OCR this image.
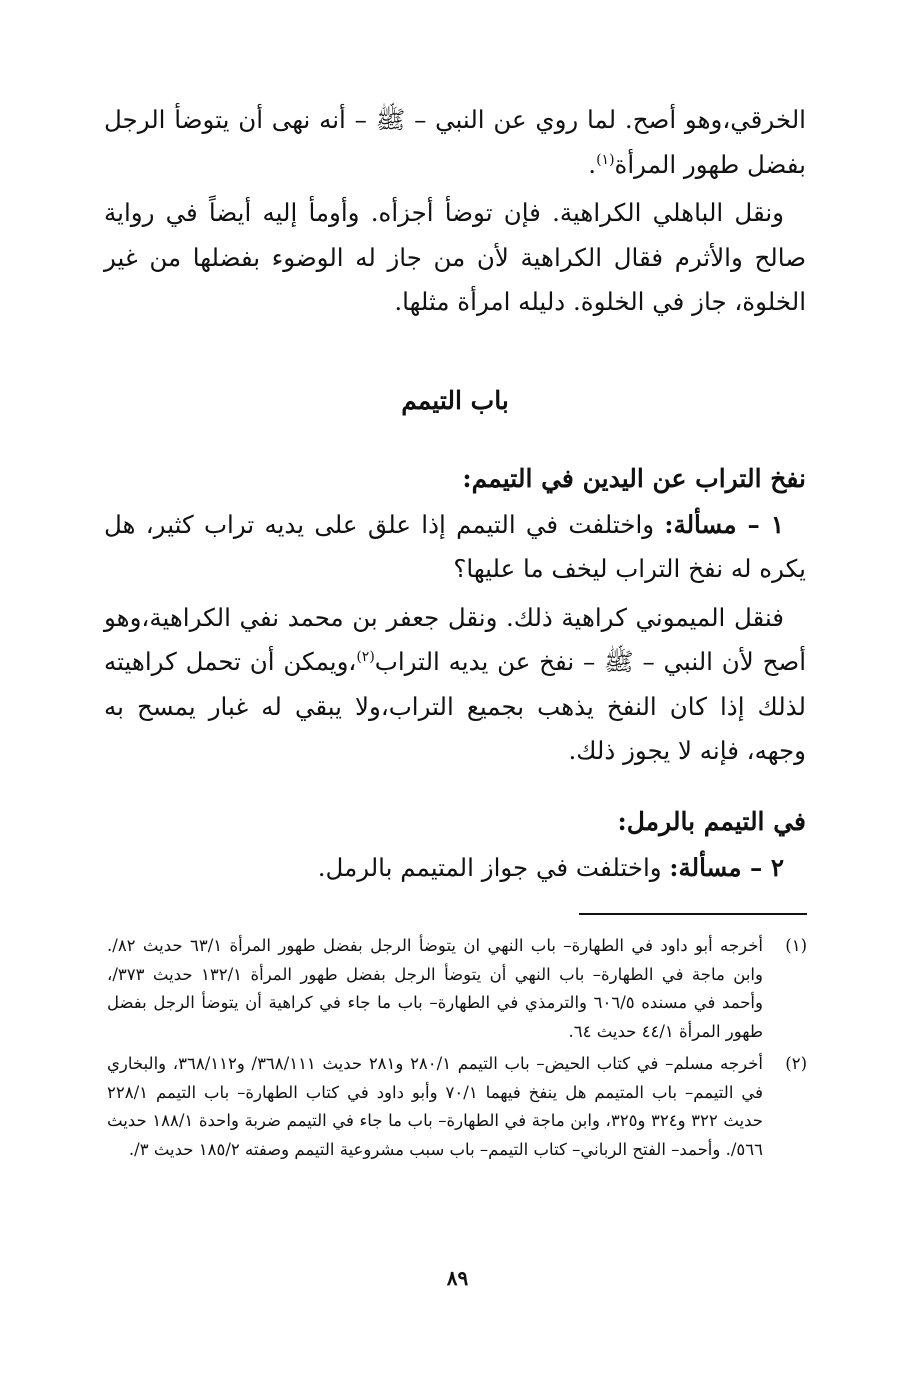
الخرقي،وهو أصح. لما روي عن النبي – ﷺ – أنه نهى أن يتوضأ الرجل بفضل طهور المرأة$^{(١)}$.

ونقل الباهلي الكراهية. فإن توضأ أجزأه. وأومأ إليه أيضاً في رواية صالح والأثرم فقال الكراهية لأن من جاز له الوضوء بفضلها من غير الخلوة، جاز في الخلوة. دليله امرأة مثلها.

باب التيمم
نفخ التراب عن اليدين في التيمم:

١ – مسألة: واختلفت في التيمم إذا علق على يديه تراب كثير، هل يكره له نفخ التراب ليخف ما عليها؟

فنقل الميموني كراهية ذلك. ونقل جعفر بن محمد نفي الكراهية،وهو أصح لأن النبي – ﷺ – نفخ عن يديه التراب$^{(٢)}$،ويمكن أن تحمل كراهيته لذلك إذا كان النفخ يذهب بجميع التراب،ولا يبقي له غبار يمسح به وجهه، فإنه لا يجوز ذلك.

في التيمم بالرمل:

٢ – مسألة: واختلفت في جواز المتيمم بالرمل.

(١)
أخرجه أبو داود في الطهارة– باب النهي ان يتوضأ الرجل بفضل طهور المرأة ٦٣/١ حديث ٨٢/. وابن ماجة في الطهارة– باب النهي أن يتوضأ الرجل بفضل طهور المرأة ١٣٢/١ حديث ٣٧٣/، وأحمد في مسنده ٦٠٦/٥ والترمذي في الطهارة– باب ما جاء في كراهية أن يتوضأ الرجل بفضل طهور المرأة ٤٤/١ حديث ٦٤.
(٢)
أخرجه مسلم– في كتاب الحيض– باب التيمم ٢٨٠/١ و٢٨١ حديث ٣٦٨/١١١/ و٣٦٨/١١٢، والبخاري في التيمم– باب المتيمم هل ينفخ فيهما ٧٠/١ وأبو داود في كتاب الطهارة– باب التيمم ٢٢٨/١ حديث ٣٢٢ و٣٢٤ و٣٢٥، وابن ماجة في الطهارة– باب ما جاء في التيمم ضربة واحدة ١٨٨/١ حديث ٥٦٦/. وأحمد– الفتح الرباني– كتاب التيمم– باب سبب مشروعية التيمم وصفته ١٨٥/٢ حديث ٣/.
٨٩
